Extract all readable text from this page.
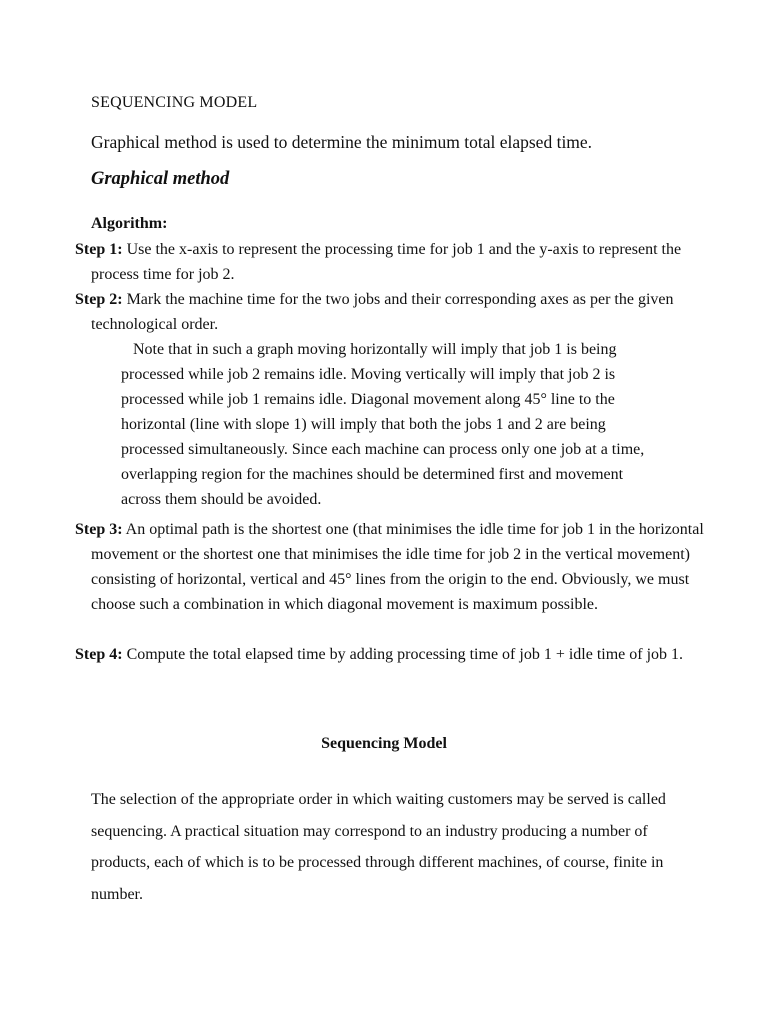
SEQUENCING MODEL
Graphical method is used to determine the minimum total elapsed time.
Graphical method
Algorithm:
Step 1: Use the x-axis to represent the processing time for job 1 and the y-axis to represent the process time for job 2.
Step 2: Mark the machine time for the two jobs and their corresponding axes as per the given technological order.
Note that in such a graph moving horizontally will imply that job 1 is being processed while job 2 remains idle. Moving vertically will imply that job 2 is processed while job 1 remains idle. Diagonal movement along 45° line to the horizontal (line with slope 1) will imply that both the jobs 1 and 2 are being processed simultaneously. Since each machine can process only one job at a time, overlapping region for the machines should be determined first and movement across them should be avoided.
Step 3: An optimal path is the shortest one (that minimises the idle time for job 1 in the horizontal movement or the shortest one that minimises the idle time for job 2 in the vertical movement) consisting of horizontal, vertical and 45° lines from the origin to the end. Obviously, we must choose such a combination in which diagonal movement is maximum possible.
Step 4: Compute the total elapsed time by adding processing time of job 1 + idle time of job 1.
Sequencing Model
The selection of the appropriate order in which waiting customers may be served is called sequencing. A practical situation may correspond to an industry producing a number of products, each of which is to be processed through different machines, of course, finite in number.
